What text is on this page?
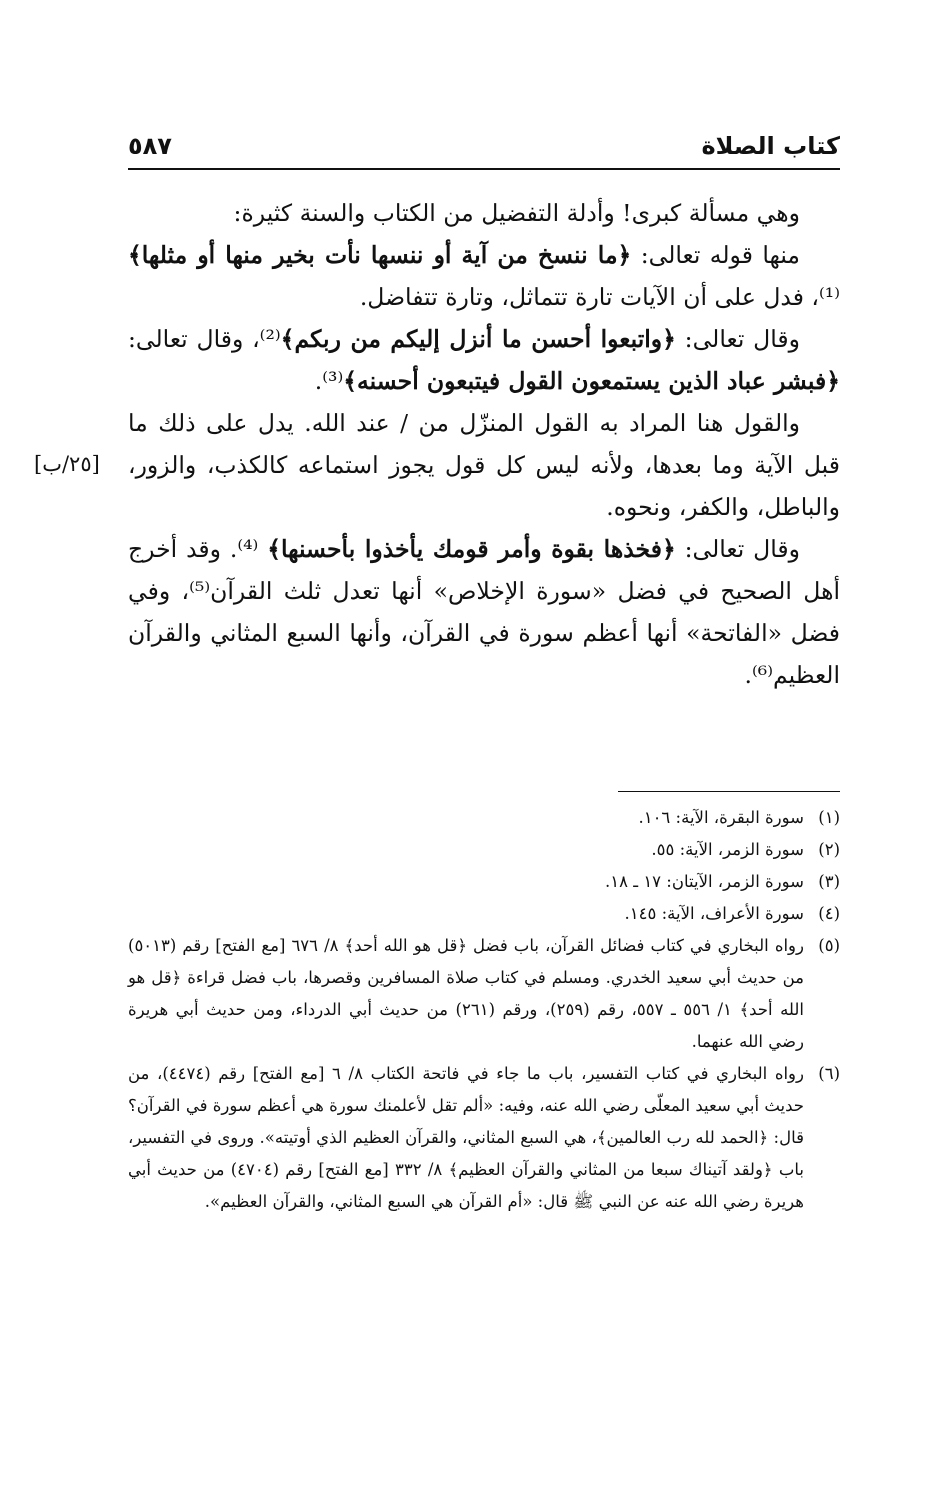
كتاب الصلاة
٥٨٧
[٢٥/ب]

وهي مسألة كبرى! وأدلة التفضيل من الكتاب والسنة كثيرة:

منها قوله تعالى: ﴿ما ننسخ من آية أو ننسها نأت بخير منها أو مثلها﴾⁽¹⁾، فدل على أن الآيات تارة تتماثل، وتارة تتفاضل.

وقال تعالى: ﴿واتبعوا أحسن ما أنزل إليكم من ربكم﴾⁽²⁾، وقال تعالى: ﴿فبشر عباد الذين يستمعون القول فيتبعون أحسنه﴾⁽³⁾.

والقول هنا المراد به القول المنزّل من / عند الله. يدل على ذلك ما قبل الآية وما بعدها، ولأنه ليس كل قول يجوز استماعه كالكذب، والزور، والباطل، والكفر، ونحوه.

وقال تعالى: ﴿فخذها بقوة وأمر قومك يأخذوا بأحسنها﴾ ⁽⁴⁾. وقد أخرج أهل الصحيح في فضل «سورة الإخلاص» أنها تعدل ثلث القرآن⁽⁵⁾، وفي فضل «الفاتحة» أنها أعظم سورة في القرآن، وأنها السبع المثاني والقرآن العظيم⁽⁶⁾.

(١)
سورة البقرة، الآية: ١٠٦.
(٢)
سورة الزمر، الآية: ٥٥.
(٣)
سورة الزمر، الآيتان: ١٧ ـ ١٨.
(٤)
سورة الأعراف، الآية: ١٤٥.
(٥)
رواه البخاري في كتاب فضائل القرآن، باب فضل ﴿قل هو الله أحد﴾ ٨/ ٦٧٦ [مع الفتح] رقم (٥٠١٣) من حديث أبي سعيد الخدري. ومسلم في كتاب صلاة المسافرين وقصرها، باب فضل قراءة ﴿قل هو الله أحد﴾ ١/ ٥٥٦ ـ ٥٥٧، رقم (٢٥٩)، ورقم (٢٦١) من حديث أبي الدرداء، ومن حديث أبي هريرة رضي الله عنهما.
(٦)
رواه البخاري في كتاب التفسير، باب ما جاء في فاتحة الكتاب ٨/ ٦ [مع الفتح] رقم (٤٤٧٤)، من حديث أبي سعيد المعلّى رضي الله عنه، وفيه: «ألم تقل لأعلمنك سورة هي أعظم سورة في القرآن؟ قال: ﴿الحمد لله رب العالمين﴾، هي السبع المثاني، والقرآن العظيم الذي أوتيته». وروى في التفسير، باب ﴿ولقد آتيناك سبعا من المثاني والقرآن العظيم﴾ ٨/ ٣٣٢ [مع الفتح] رقم (٤٧٠٤) من حديث أبي هريرة رضي الله عنه عن النبي ﷺ قال: «أم القرآن هي السبع المثاني، والقرآن العظيم».
